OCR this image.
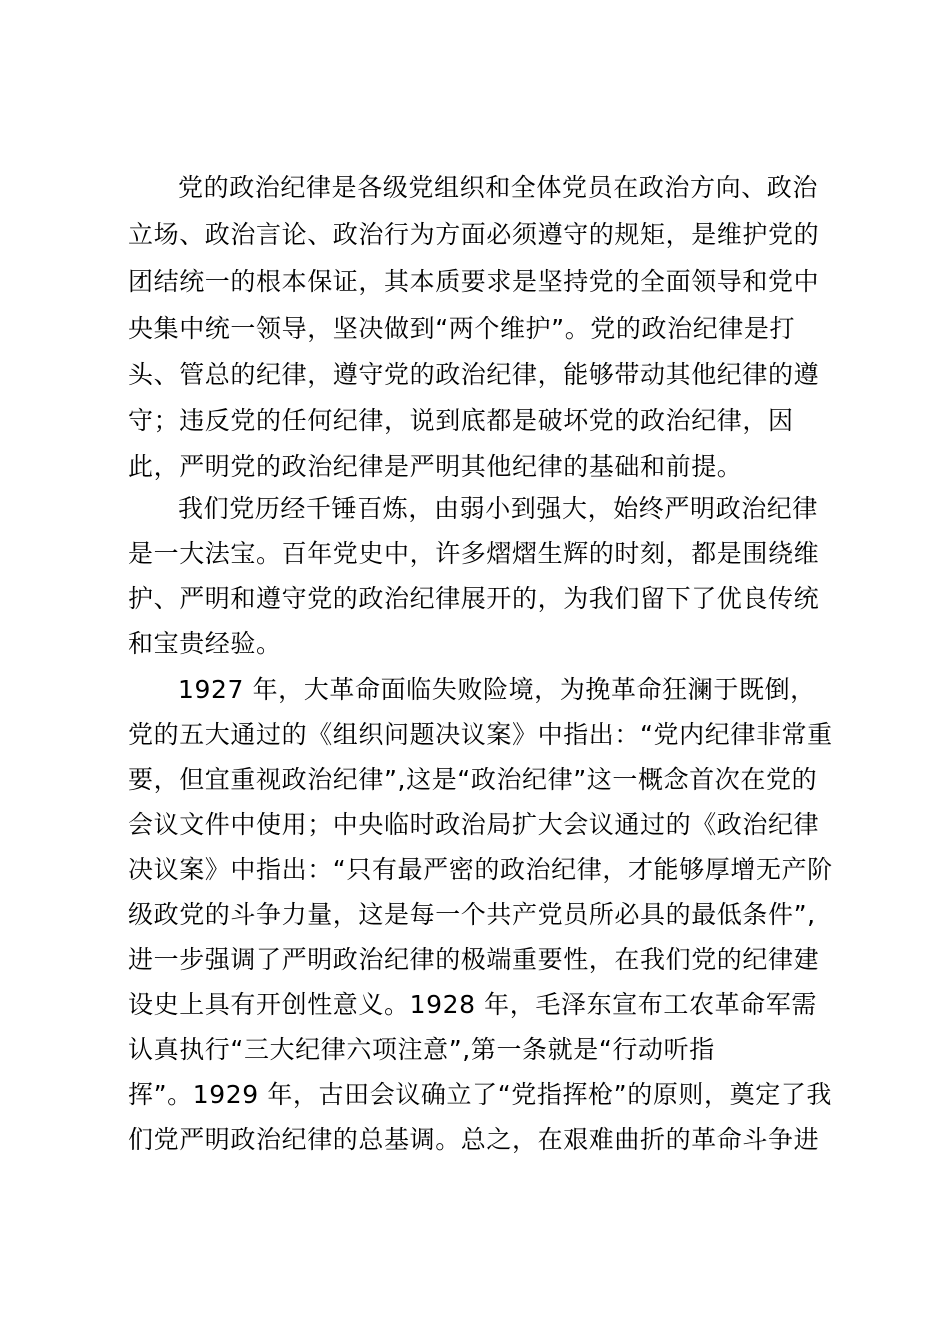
党的政治纪律是各级党组织和全体党员在政治方向、政治
立场、政治言论、政治行为方面必须遵守的规矩，是维护党的
团结统一的根本保证，其本质要求是坚持党的全面领导和党中
央集中统一领导，坚决做到“两个维护”。党的政治纪律是打
头、管总的纪律，遵守党的政治纪律，能够带动其他纪律的遵
守；违反党的任何纪律，说到底都是破坏党的政治纪律，因
此，严明党的政治纪律是严明其他纪律的基础和前提。
我们党历经千锤百炼，由弱小到强大，始终严明政治纪律
是一大法宝。百年党史中，许多熠熠生辉的时刻，都是围绕维
护、严明和遵守党的政治纪律展开的，为我们留下了优良传统
和宝贵经验。
1927 年，大革命面临失败险境，为挽革命狂澜于既倒，
党的五大通过的《组织问题决议案》中指出：“党内纪律非常重
要，但宜重视政治纪律”,这是“政治纪律”这一概念首次在党的
会议文件中使用；中央临时政治局扩大会议通过的《政治纪律
决议案》中指出：“只有最严密的政治纪律，才能够厚增无产阶
级政党的斗争力量，这是每一个共产党员所必具的最低条件”,
进一步强调了严明政治纪律的极端重要性，在我们党的纪律建
设史上具有开创性意义。1928 年，毛泽东宣布工农革命军需
认真执行“三大纪律六项注意”,第一条就是“行动听指
挥”。1929 年，古田会议确立了“党指挥枪”的原则，奠定了我
们党严明政治纪律的总基调。总之，在艰难曲折的革命斗争进
